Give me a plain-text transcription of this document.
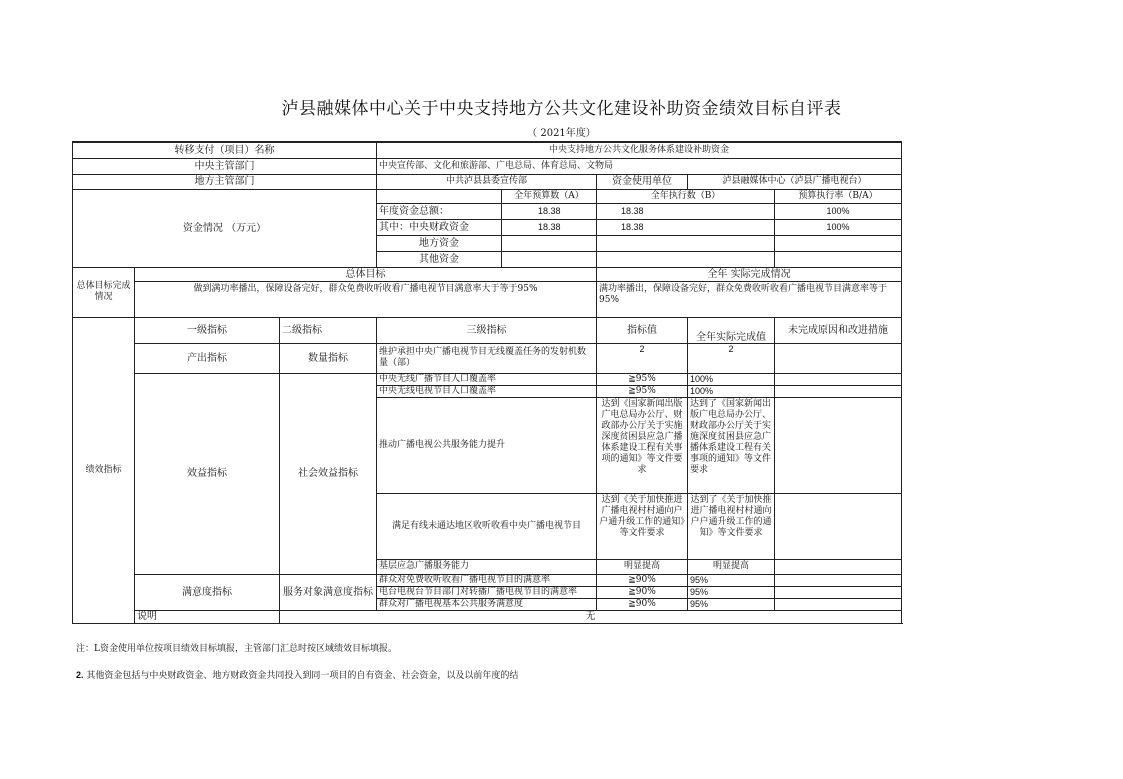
泸县融媒体中心关于中央支持地方公共文化建设补助资金绩效目标自评表
（ 2021年度）
转移支付（项目）名称			中央支持地方公共文化服务体系建设补助资金				
中央主管部门			中央宣传部、文化和旅游部、广电总局、体育总局、文物局				
地方主管部门			中共泸县县委宣传部		资金使用单位	泸县融媒体中心（泸县广播电视台）	
资金情况 （万元）				全年预算数（A）	全年执行数（B）		预算执行率（B/A）
			年度资金总额：	18.38	18.38		100%
			其中：中央财政资金	18.38	18.38		100%
			地方资金				
			其他资金				
总体目标完成情况	总体目标				全年 实际完成情况		
	做到满功率播出，保障设备完好，群众免费收听收看广播电视节目满意率大于等于95%				满功率播出，保障设备完好，群众免费收听收看广播电视节目满意率等于95%		
绩效指标	一级指标	二级指标	三级指标		指标值	全年实际完成值	未完成原因和改进措施
	产出指标	数量指标	维护承担中央广播电视节目无线覆盖任务的发射机数量（部）		2	2	
	效益指标	社会效益指标	中央无线广播节目人口覆盖率		≧95%	100%	
			中央无线电视节目人口覆盖率		≧95%	100%	
			推动广播电视公共服务能力提升		达到《国家新闻出版广电总局办公厅、财政部办公厅关于实施深度贫困县应急广播体系建设工程有关事项的通知》等文件要求	达到了《国家新闻出版广电总局办公厅、财政部办公厅关于实施深度贫困县应急广播体系建设工程有关事项的通知》等文件要求	
			满足有线未通达地区收听收看中央广播电视节目		达到《关于加快推进广播电视村村通向户户通升级工作的通知》等文件要求	达到了《关于加快推进广播电视村村通向户户通升级工作的通知》等文件要求	
			基层应急广播服务能力		明显提高	明显提高	
	满意度指标	服务对象满意度指标	群众对免费收听收看广播电视节目的满意率		≧90%	95%	
			电台电视台节目部门对转播广播电视节目的满意率		≧90%	95%	
			群众对广播电视基本公共服务满意度		≧90%	95%	
	说明	无					
注：L资金使用单位按项目绩效目标填报，主管部门汇总时按区域绩效目标填报。
2. 其他资金包括与中央财政资金、地方财政资金共同投入到同一项目的自有资金、社会资金，以及以前年度的结
